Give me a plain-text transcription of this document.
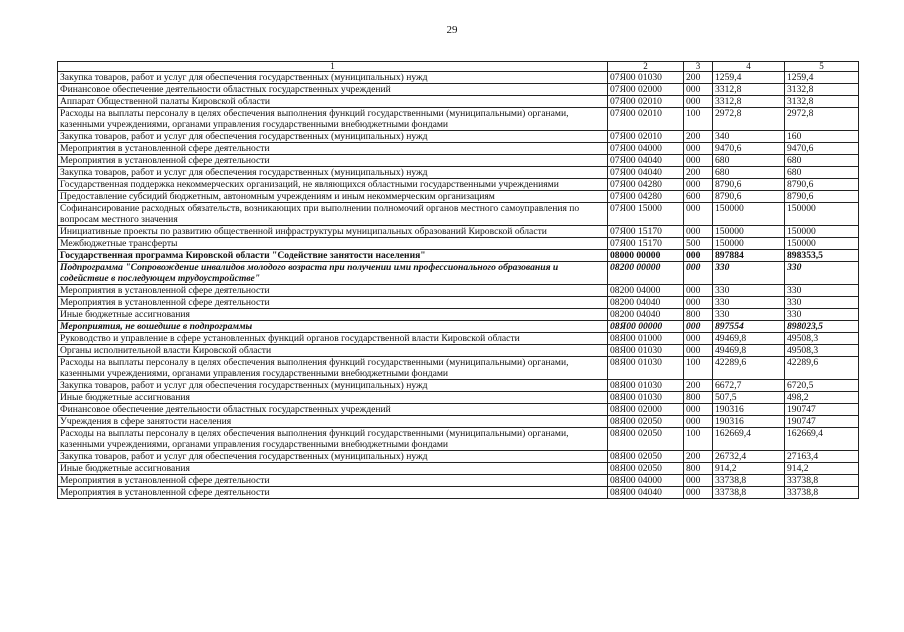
29
1	2	3	4	5
Закупка товаров, работ и услуг для обеспечения государственных (муниципальных) нужд	07Я00 01030	200	1259,4	1259,4
Финансовое обеспечение деятельности областных государственных учреждений	07Я00 02000	000	3312,8	3132,8
Аппарат Общественной палаты Кировской области	07Я00 02010	000	3312,8	3132,8
Расходы на выплаты персоналу в целях обеспечения выполнения функций государственными (муниципальными) органами, казенными учреждениями, органами управления государственными внебюджетными фондами	07Я00 02010	100	2972,8	2972,8
Закупка товаров, работ и услуг для обеспечения государственных (муниципальных) нужд	07Я00 02010	200	340	160
Мероприятия в установленной сфере деятельности	07Я00 04000	000	9470,6	9470,6
Мероприятия в установленной сфере деятельности	07Я00 04040	000	680	680
Закупка товаров, работ и услуг для обеспечения государственных (муниципальных) нужд	07Я00 04040	200	680	680
Государственная поддержка некоммерческих организаций, не являющихся областными государственными учреждениями	07Я00 04280	000	8790,6	8790,6
Предоставление субсидий бюджетным, автономным учреждениям и иным некоммерческим организациям	07Я00 04280	600	8790,6	8790,6
Софинансирование расходных обязательств, возникающих при выполнении полномочий органов местного самоуправления по вопросам местного значения	07Я00 15000	000	150000	150000
Инициативные проекты по развитию общественной инфраструктуры муниципальных образований Кировской области	07Я00 15170	000	150000	150000
Межбюджетные трансферты	07Я00 15170	500	150000	150000
Государственная программа Кировской области "Содействие занятости населения"	08000 00000	000	897884	898353,5
Подпрограмма "Сопровождение инвалидов молодого возраста при получении ими профессионального образования и содействие в последующем трудоустройстве"	08200 00000	000	330	330
Мероприятия в установленной сфере деятельности	08200 04000	000	330	330
Мероприятия в установленной сфере деятельности	08200 04040	000	330	330
Иные бюджетные ассигнования	08200 04040	800	330	330
Мероприятия, не вошедшие в подпрограммы	08Я00 00000	000	897554	898023,5
Руководство и управление в сфере установленных функций органов государственной власти Кировской области	08Я00 01000	000	49469,8	49508,3
Органы исполнительной власти Кировской области	08Я00 01030	000	49469,8	49508,3
Расходы на выплаты персоналу в целях обеспечения выполнения функций государственными (муниципальными) органами, казенными учреждениями, органами управления государственными внебюджетными фондами	08Я00 01030	100	42289,6	42289,6
Закупка товаров, работ и услуг для обеспечения государственных (муниципальных) нужд	08Я00 01030	200	6672,7	6720,5
Иные бюджетные ассигнования	08Я00 01030	800	507,5	498,2
Финансовое обеспечение деятельности областных государственных учреждений	08Я00 02000	000	190316	190747
Учреждения в сфере занятости населения	08Я00 02050	000	190316	190747
Расходы на выплаты персоналу в целях обеспечения выполнения функций государственными (муниципальными) органами, казенными учреждениями, органами управления государственными внебюджетными фондами	08Я00 02050	100	162669,4	162669,4
Закупка товаров, работ и услуг для обеспечения государственных (муниципальных) нужд	08Я00 02050	200	26732,4	27163,4
Иные бюджетные ассигнования	08Я00 02050	800	914,2	914,2
Мероприятия в установленной сфере деятельности	08Я00 04000	000	33738,8	33738,8
Мероприятия в установленной сфере деятельности	08Я00 04040	000	33738,8	33738,8
